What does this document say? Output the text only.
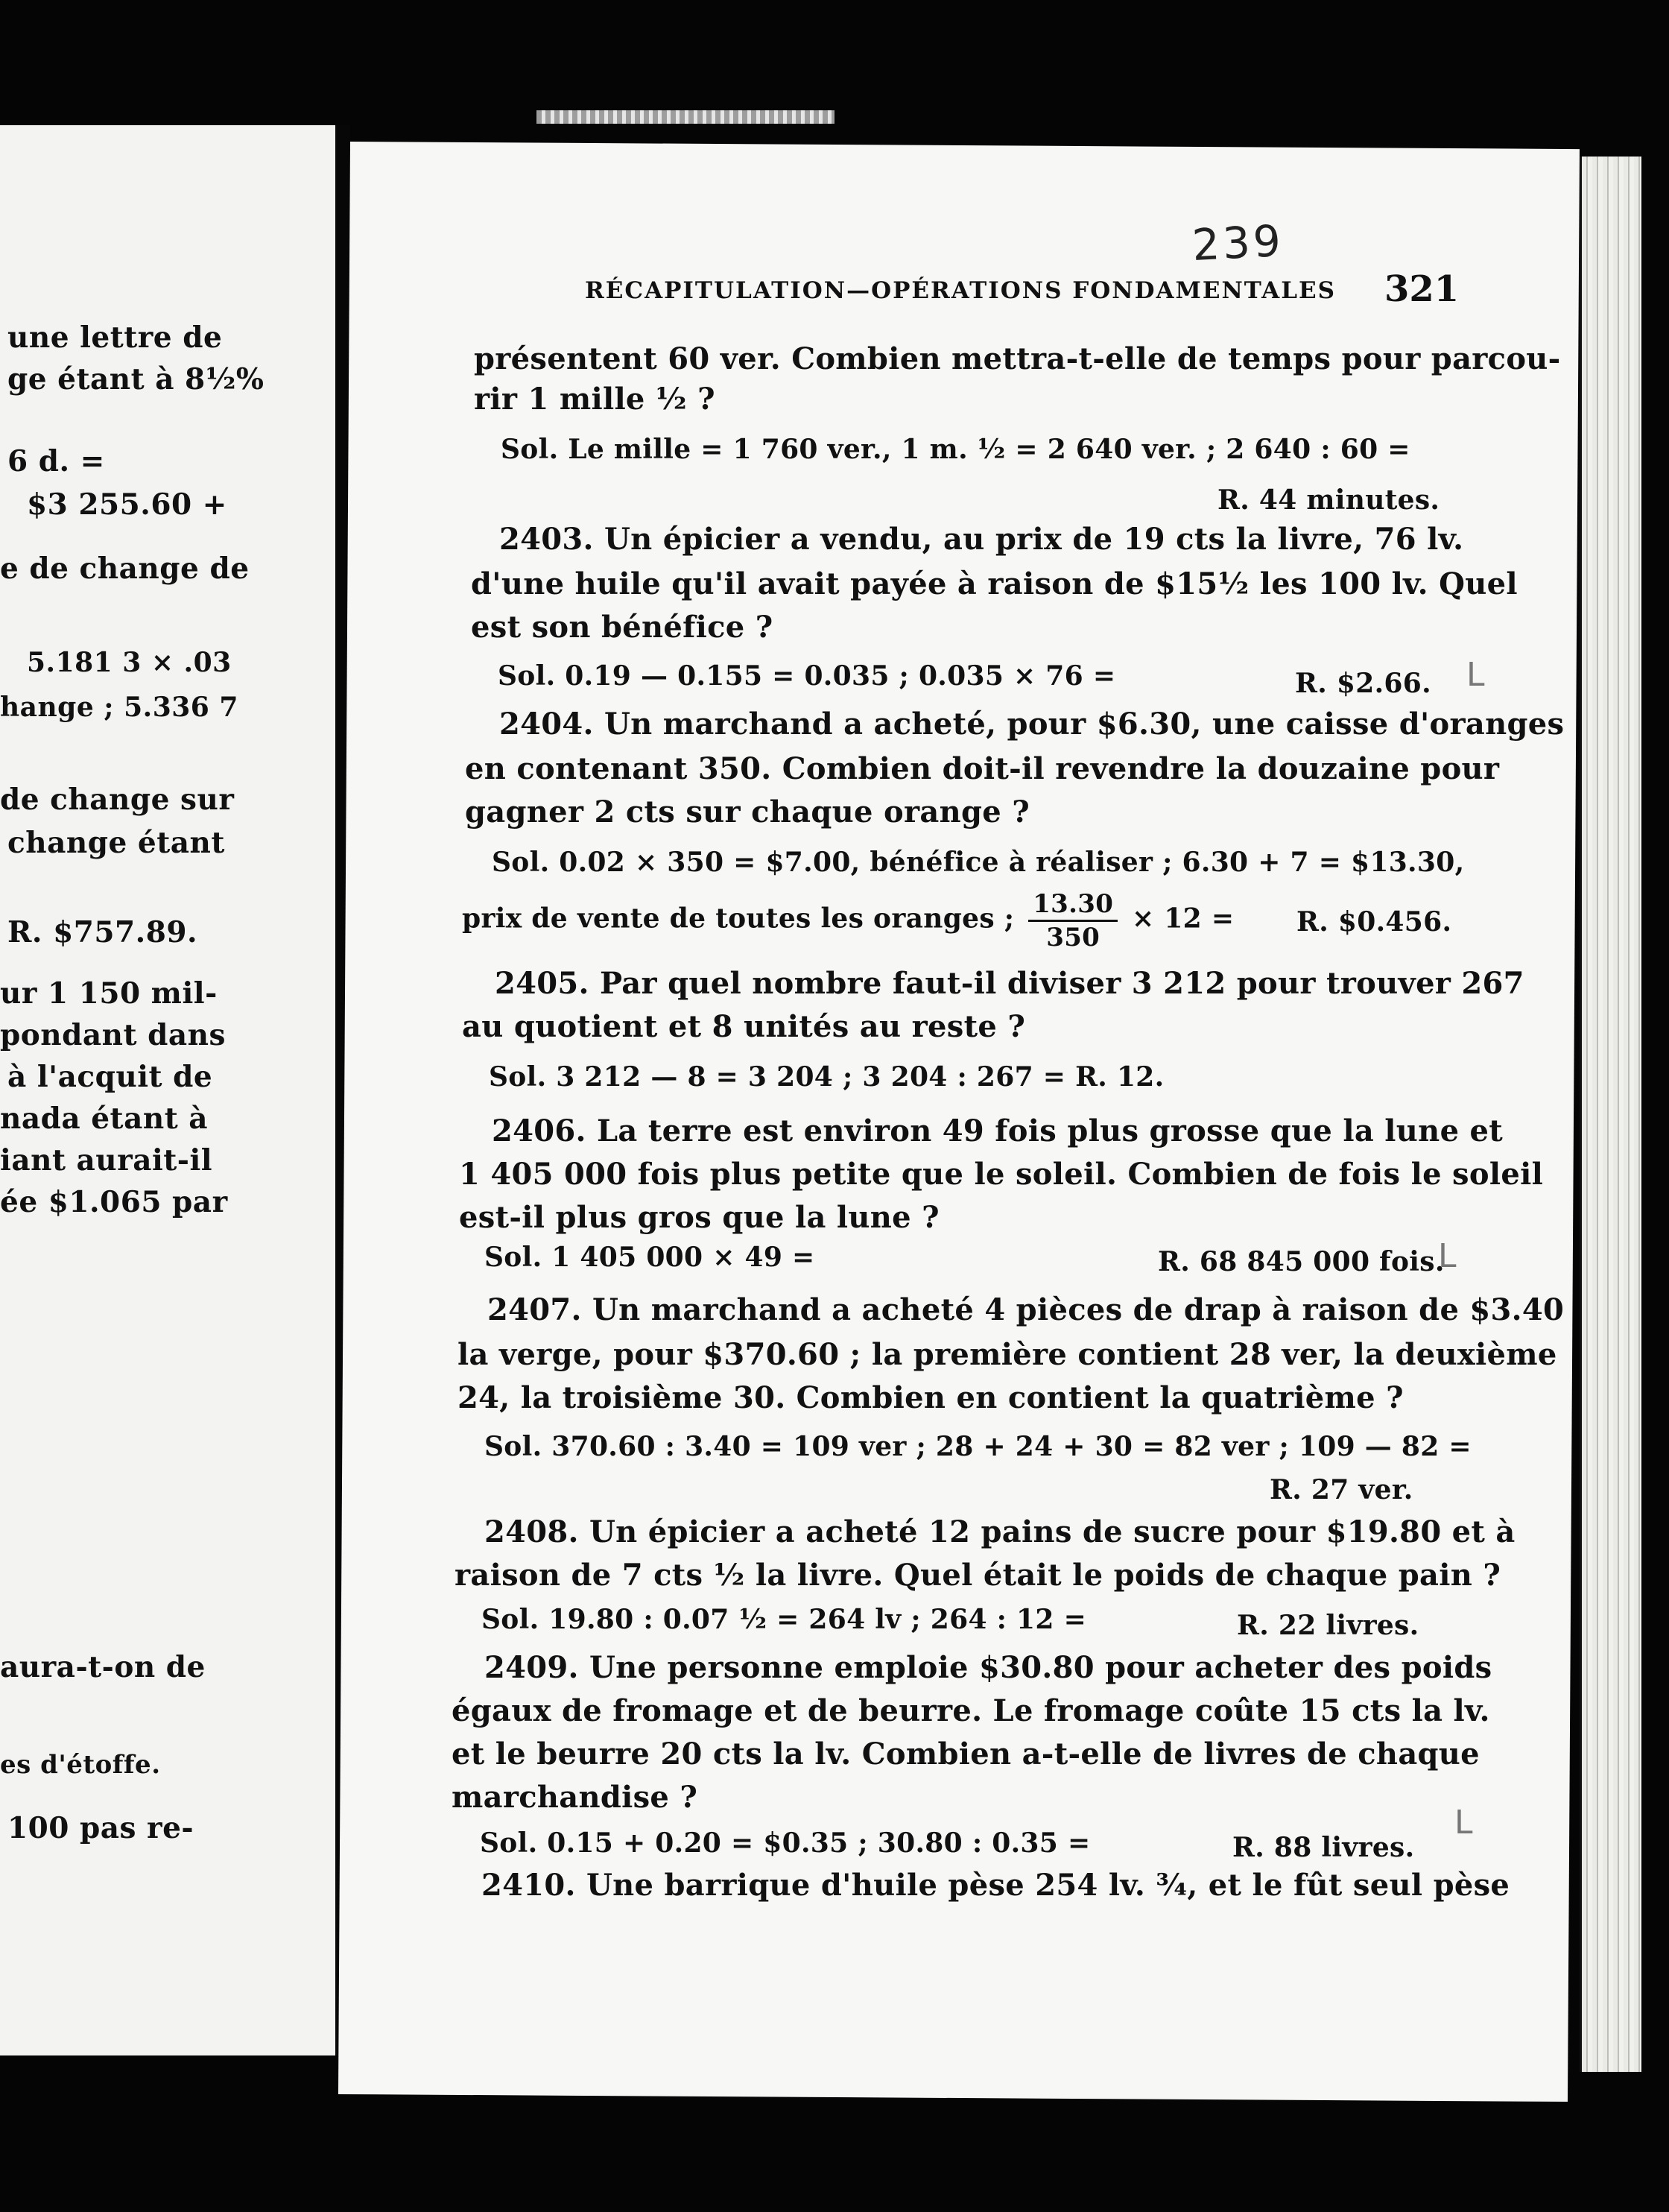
une lettre de
ge étant à 8½%
6 d. =
$3 255.60 +
e de change de
5.181 3 × .03
hange ; 5.336 7
de change sur
change étant
R. $757.89.
ur 1 150 mil-
pondant dans
à l'acquit de
nada étant à
iant aurait-il
ée $1.065 par
aura-t-on de
es d'étoffe.
100 pas re-
239
RÉCAPITULATION—OPÉRATIONS FONDAMENTALES 321
présentent 60 ver. Combien mettra-t-elle de temps pour parcou-
rir 1 mille ½ ?
Sol. Le mille = 1 760 ver., 1 m. ½ = 2 640 ver. ; 2 640 : 60 =
R. 44 minutes.
2403. Un épicier a vendu, au prix de 19 cts la livre, 76 lv.
d'une huile qu'il avait payée à raison de $15½ les 100 lv. Quel
est son bénéfice ?
Sol. 0.19 — 0.155 = 0.035 ; 0.035 × 76 =	R. $2.66.
2404. Un marchand a acheté, pour $6.30, une caisse d'oranges
en contenant 350. Combien doit-il revendre la douzaine pour
gagner 2 cts sur chaque orange ?
Sol. 0.02 × 350 = $7.00, bénéfice à réaliser ; 6.30 + 7 = $13.30,
prix de vente de toutes les oranges ; $\frac{13.30}{350} \times 12 = R$. $0.456.
2405. Par quel nombre faut-il diviser 3 212 pour trouver 267
au quotient et 8 unités au reste ?
Sol. 3 212 — 8 = 3 204 ; 3 204 : 267 = R. 12.
2406. La terre est environ 49 fois plus grosse que la lune et
1 405 000 fois plus petite que le soleil. Combien de fois le soleil
est-il plus gros que la lune ?
Sol. 1 405 000 × 49 =	R. 68 845 000 fois.
2407. Un marchand a acheté 4 pièces de drap à raison de $3.40
la verge, pour $370.60 ; la première contient 28 ver, la deuxième
24, la troisième 30. Combien en contient la quatrième ?
Sol. 370.60 : 3.40 = 109 ver ; 28 + 24 + 30 = 82 ver ; 109 — 82 =
R. 27 ver.
2408. Un épicier a acheté 12 pains de sucre pour $19.80 et à
raison de 7 cts ½ la livre. Quel était le poids de chaque pain ?
Sol. 19.80 : 0.07 ½ = 264 lv ; 264 : 12 =	R. 22 livres.
2409. Une personne emploie $30.80 pour acheter des poids
égaux de fromage et de beurre. Le fromage coûte 15 cts la lv.
et le beurre 20 cts la lv. Combien a-t-elle de livres de chaque
marchandise ?
Sol. 0.15 + 0.20 = $0.35 ; 30.80 : 0.35 =	R. 88 livres.
2410. Une barrique d'huile pèse 254 lv. ¾, et le fût seul pèse
L
L
L
